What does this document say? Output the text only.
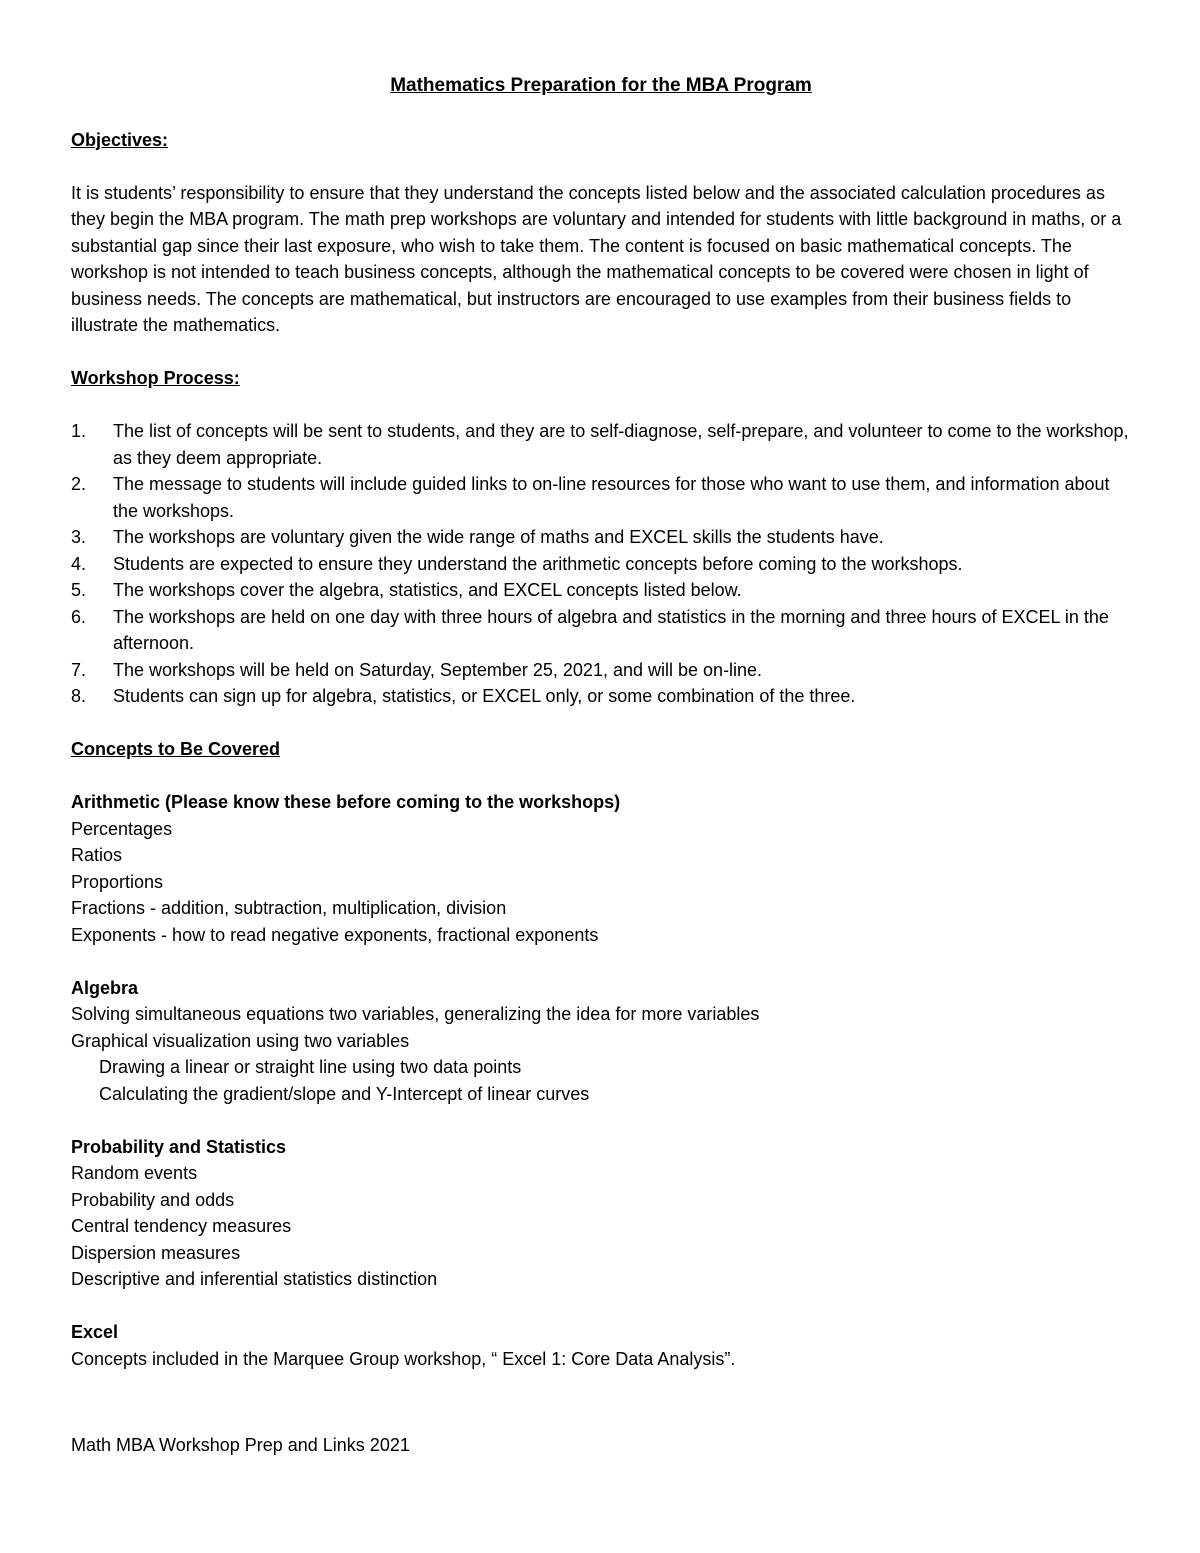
Mathematics Preparation for the MBA Program

Objectives:

It is students’ responsibility to ensure that they understand the concepts listed below and the associated calculation procedures as they begin the MBA program. The math prep workshops are voluntary and intended for students with little background in maths, or a substantial gap since their last exposure, who wish to take them. The content is focused on basic mathematical concepts. The workshop is not intended to teach business concepts, although the mathematical concepts to be covered were chosen in light of business needs. The concepts are mathematical, but instructors are encouraged to use examples from their business fields to illustrate the mathematics.

Workshop Process:

1. The list of concepts will be sent to students, and they are to self-diagnose, self-prepare, and volunteer to come to the workshop, as they deem appropriate.
2. The message to students will include guided links to on-line resources for those who want to use them, and information about the workshops.
3. The workshops are voluntary given the wide range of maths and EXCEL skills the students have.
4. Students are expected to ensure they understand the arithmetic concepts before coming to the workshops.
5. The workshops cover the algebra, statistics, and EXCEL concepts listed below.
6. The workshops are held on one day with three hours of algebra and statistics in the morning and three hours of EXCEL in the afternoon.
7. The workshops will be held on Saturday, September 25, 2021, and will be on-line.
8. Students can sign up for algebra, statistics, or EXCEL only, or some combination of the three.

Concepts to Be Covered

Arithmetic (Please know these before coming to the workshops)

Percentages

Ratios

Proportions

Fractions - addition, subtraction, multiplication, division

Exponents - how to read negative exponents, fractional exponents

Algebra

Solving simultaneous equations two variables, generalizing the idea for more variables

Graphical visualization using two variables

Drawing a linear or straight line using two data points

Calculating the gradient/slope and Y-Intercept of linear curves

Probability and Statistics

Random events

Probability and odds

Central tendency measures

Dispersion measures

Descriptive and inferential statistics distinction

Excel

Concepts included in the Marquee Group workshop, “ Excel 1: Core Data Analysis”.

Math MBA Workshop Prep and Links 2021
